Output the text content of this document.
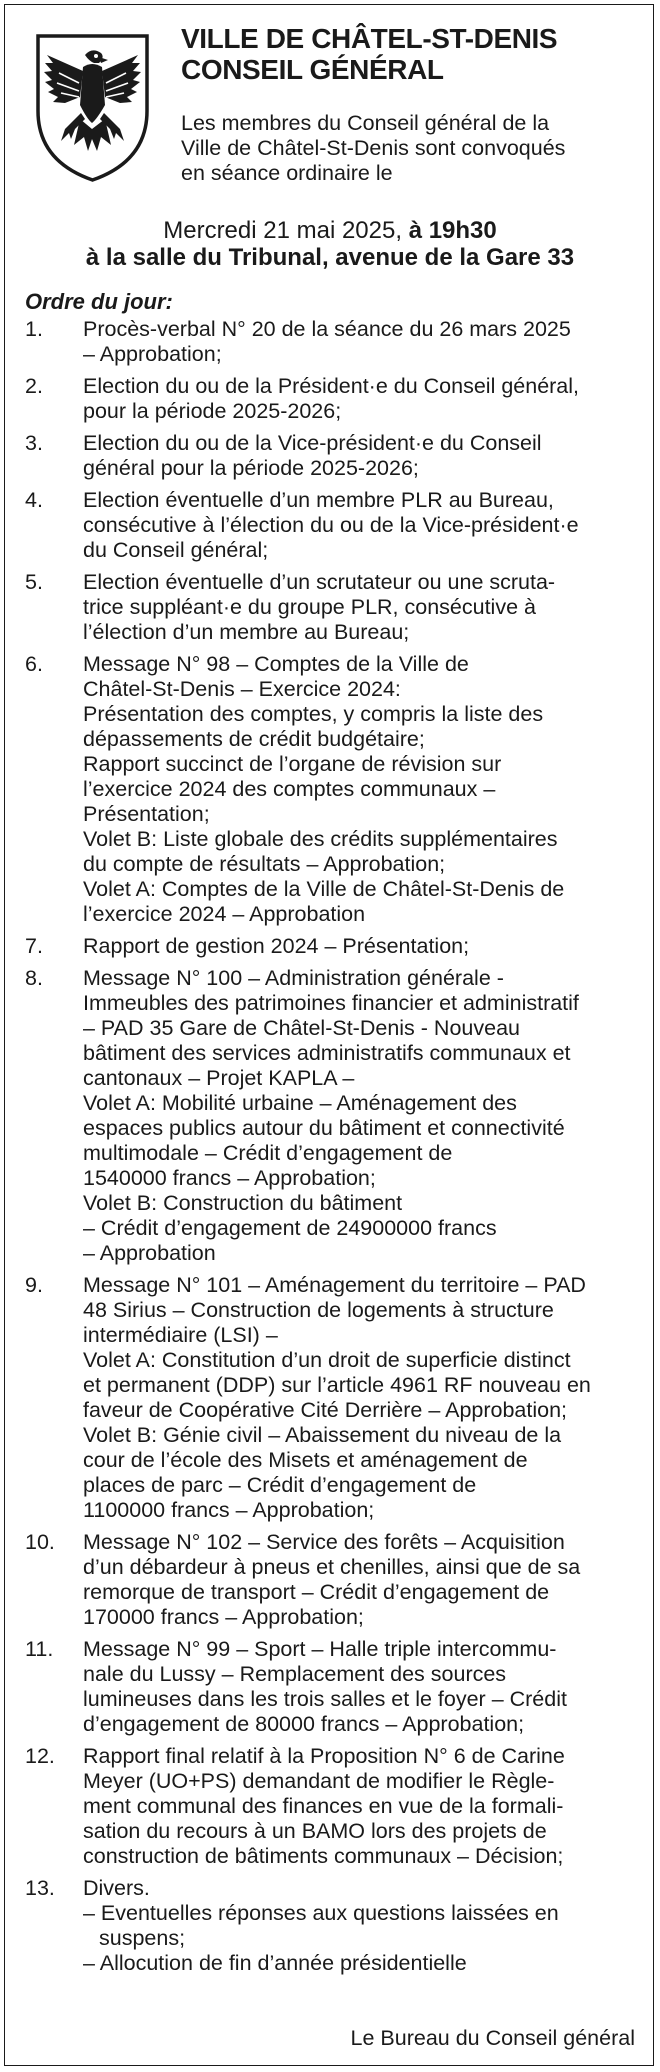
VILLE DE CHÂTEL-ST-DENIS
CONSEIL GÉNÉRAL
Les membres du Conseil général de la
Ville de Châtel-St-Denis sont convoqués
en séance ordinaire le
Mercredi 21 mai 2025, à 19h30
à la salle du Tribunal, avenue de la Gare 33
Ordre du jour:
1.	Procès-verbal N° 20 de la séance du 26 mars 2025
– Approbation;
2.	Election du ou de la Président·e du Conseil général,
pour la période 2025-2026;
3.	Election du ou de la Vice-président·e du Conseil
général pour la période 2025-2026;
4.	Election éventuelle d’un membre PLR au Bureau,
consécutive à l’élection du ou de la Vice-président·e
du Conseil général;
5.	Election éventuelle d’un scrutateur ou une scruta-
trice suppléant·e du groupe PLR, consécutive à
l’élection d’un membre au Bureau;
6.	Message N° 98 – Comptes de la Ville de
Châtel-St-Denis – Exercice 2024:
Présentation des comptes, y compris la liste des
dépassements de crédit budgétaire;
Rapport succinct de l’organe de révision sur
l’exercice 2024 des comptes communaux –
Présentation;
Volet B: Liste globale des crédits supplémentaires
du compte de résultats – Approbation;
Volet A: Comptes de la Ville de Châtel-St-Denis de
l’exercice 2024 – Approbation
7.	Rapport de gestion 2024 – Présentation;
8.	Message N° 100 – Administration générale -
Immeubles des patrimoines financier et administratif
– PAD 35 Gare de Châtel-St-Denis - Nouveau
bâtiment des services administratifs communaux et
cantonaux – Projet KAPLA –
Volet A: Mobilité urbaine – Aménagement des
espaces publics autour du bâtiment et connectivité
multimodale – Crédit d’engagement de
1540000 francs – Approbation;
Volet B: Construction du bâtiment
– Crédit d’engagement de 24900000 francs
– Approbation
9.	Message N° 101 – Aménagement du territoire – PAD
48 Sirius – Construction de logements à structure
intermédiaire (LSI) –
Volet A: Constitution d’un droit de superficie distinct
et permanent (DDP) sur l’article 4961 RF nouveau en
faveur de Coopérative Cité Derrière – Approbation;
Volet B: Génie civil – Abaissement du niveau de la
cour de l’école des Misets et aménagement de
places de parc – Crédit d’engagement de
1100000 francs – Approbation;
10.	Message N° 102 – Service des forêts – Acquisition
d’un débardeur à pneus et chenilles, ainsi que de sa
remorque de transport – Crédit d’engagement de
170000 francs – Approbation;
11.	Message N° 99 – Sport – Halle triple intercommu-
nale du Lussy – Remplacement des sources
lumineuses dans les trois salles et le foyer – Crédit
d’engagement de 80000 francs – Approbation;
12.	Rapport final relatif à la Proposition N° 6 de Carine
Meyer (UO+PS) demandant de modifier le Règle-
ment communal des finances en vue de la formali-
sation du recours à un BAMO lors des projets de
construction de bâtiments communaux – Décision;
13.	Divers.
– Eventuelles réponses aux questions laissées en
suspens;
– Allocution de fin d’année présidentielle
Le Bureau du Conseil général
